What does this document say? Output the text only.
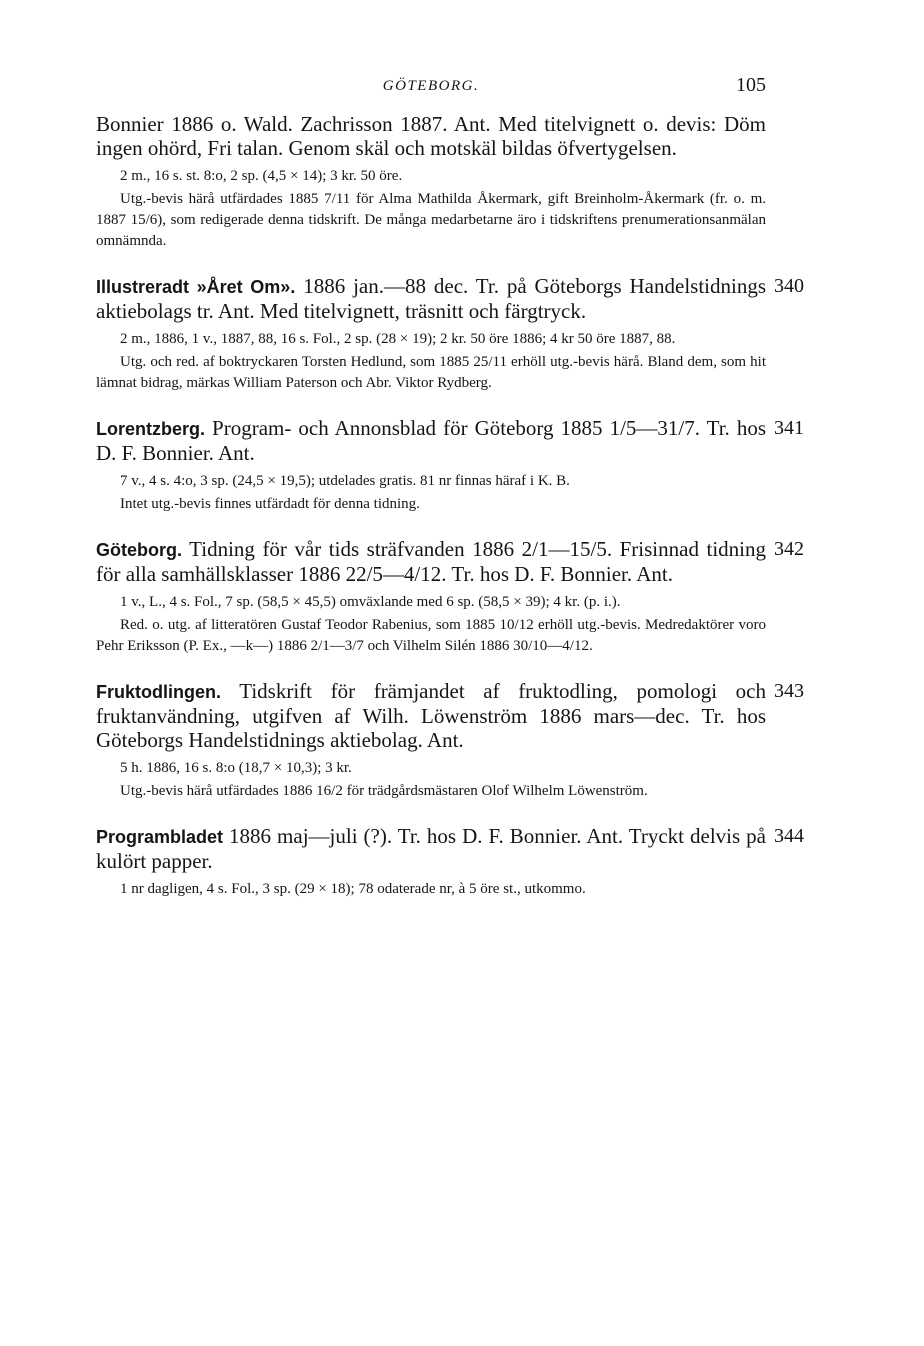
GÖTEBORG.	105

Bonnier 1886 o. Wald. Zachrisson 1887. Ant. Med titelvignett o. devis: Döm ingen ohörd, Fri talan. Genom skäl och motskäl bildas öfvertygelsen.

2 m., 16 s. st. 8:o, 2 sp. (4,5 × 14); 3 kr. 50 öre.

Utg.-bevis härå utfärdades 1885 7/11 för Alma Mathilda Åkermark, gift Breinholm-Åkermark (fr. o. m. 1887 15/6), som redigerade denna tidskrift. De många medarbetarne äro i tidskriftens prenumerationsanmälan omnämnda.

340

Illustreradt »Året Om». 1886 jan.—88 dec. Tr. på Göteborgs Handelstidnings aktiebolags tr. Ant. Med titelvignett, träsnitt och färgtryck.

2 m., 1886, 1 v., 1887, 88, 16 s. Fol., 2 sp. (28 × 19); 2 kr. 50 öre 1886; 4 kr 50 öre 1887, 88.

Utg. och red. af boktryckaren Torsten Hedlund, som 1885 25/11 erhöll utg.-bevis härå. Bland dem, som hit lämnat bidrag, märkas William Paterson och Abr. Viktor Rydberg.

341

Lorentzberg. Program- och Annonsblad för Göteborg 1885 1/5—31/7. Tr. hos D. F. Bonnier. Ant.

7 v., 4 s. 4:o, 3 sp. (24,5 × 19,5); utdelades gratis. 81 nr finnas häraf i K. B.

Intet utg.-bevis finnes utfärdadt för denna tidning.

342

Göteborg. Tidning för vår tids sträfvanden 1886 2/1—15/5. Frisinnad tidning för alla samhällsklasser 1886 22/5—4/12. Tr. hos D. F. Bonnier. Ant.

1 v., L., 4 s. Fol., 7 sp. (58,5 × 45,5) omväxlande med 6 sp. (58,5 × 39); 4 kr. (p. i.).

Red. o. utg. af litteratören Gustaf Teodor Rabenius, som 1885 10/12 erhöll utg.-bevis. Medredaktörer voro Pehr Eriksson (P. Ex., —k—) 1886 2/1—3/7 och Vilhelm Silén 1886 30/10—4/12.

343

Fruktodlingen. Tidskrift för främjandet af fruktodling, pomologi och fruktanvändning, utgifven af Wilh. Löwenström 1886 mars—dec. Tr. hos Göteborgs Handelstidnings aktiebolag. Ant.

5 h. 1886, 16 s. 8:o (18,7 × 10,3); 3 kr.

Utg.-bevis härå utfärdades 1886 16/2 för trädgårdsmästaren Olof Wilhelm Löwenström.

344

Programbladet 1886 maj—juli (?). Tr. hos D. F. Bonnier. Ant. Tryckt delvis på kulört papper.

1 nr dagligen, 4 s. Fol., 3 sp. (29 × 18); 78 odaterade nr, à 5 öre st., utkommo.
